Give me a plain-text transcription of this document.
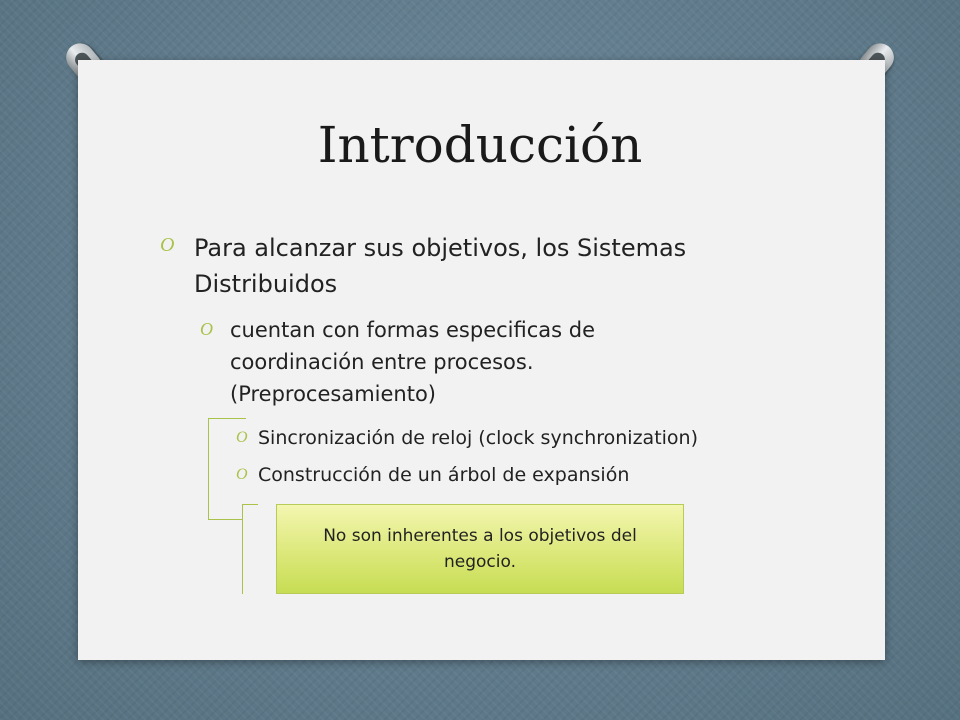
Introducción
O Para alcanzar sus objetivos, los Sistemas
Distribuidos
O cuentan con formas especificas de
coordinación entre procesos.
(Preprocesamiento)
O Sincronización de reloj (clock synchronization)
O Construcción de un árbol de expansión
No son inherentes a los objetivos del negocio.
